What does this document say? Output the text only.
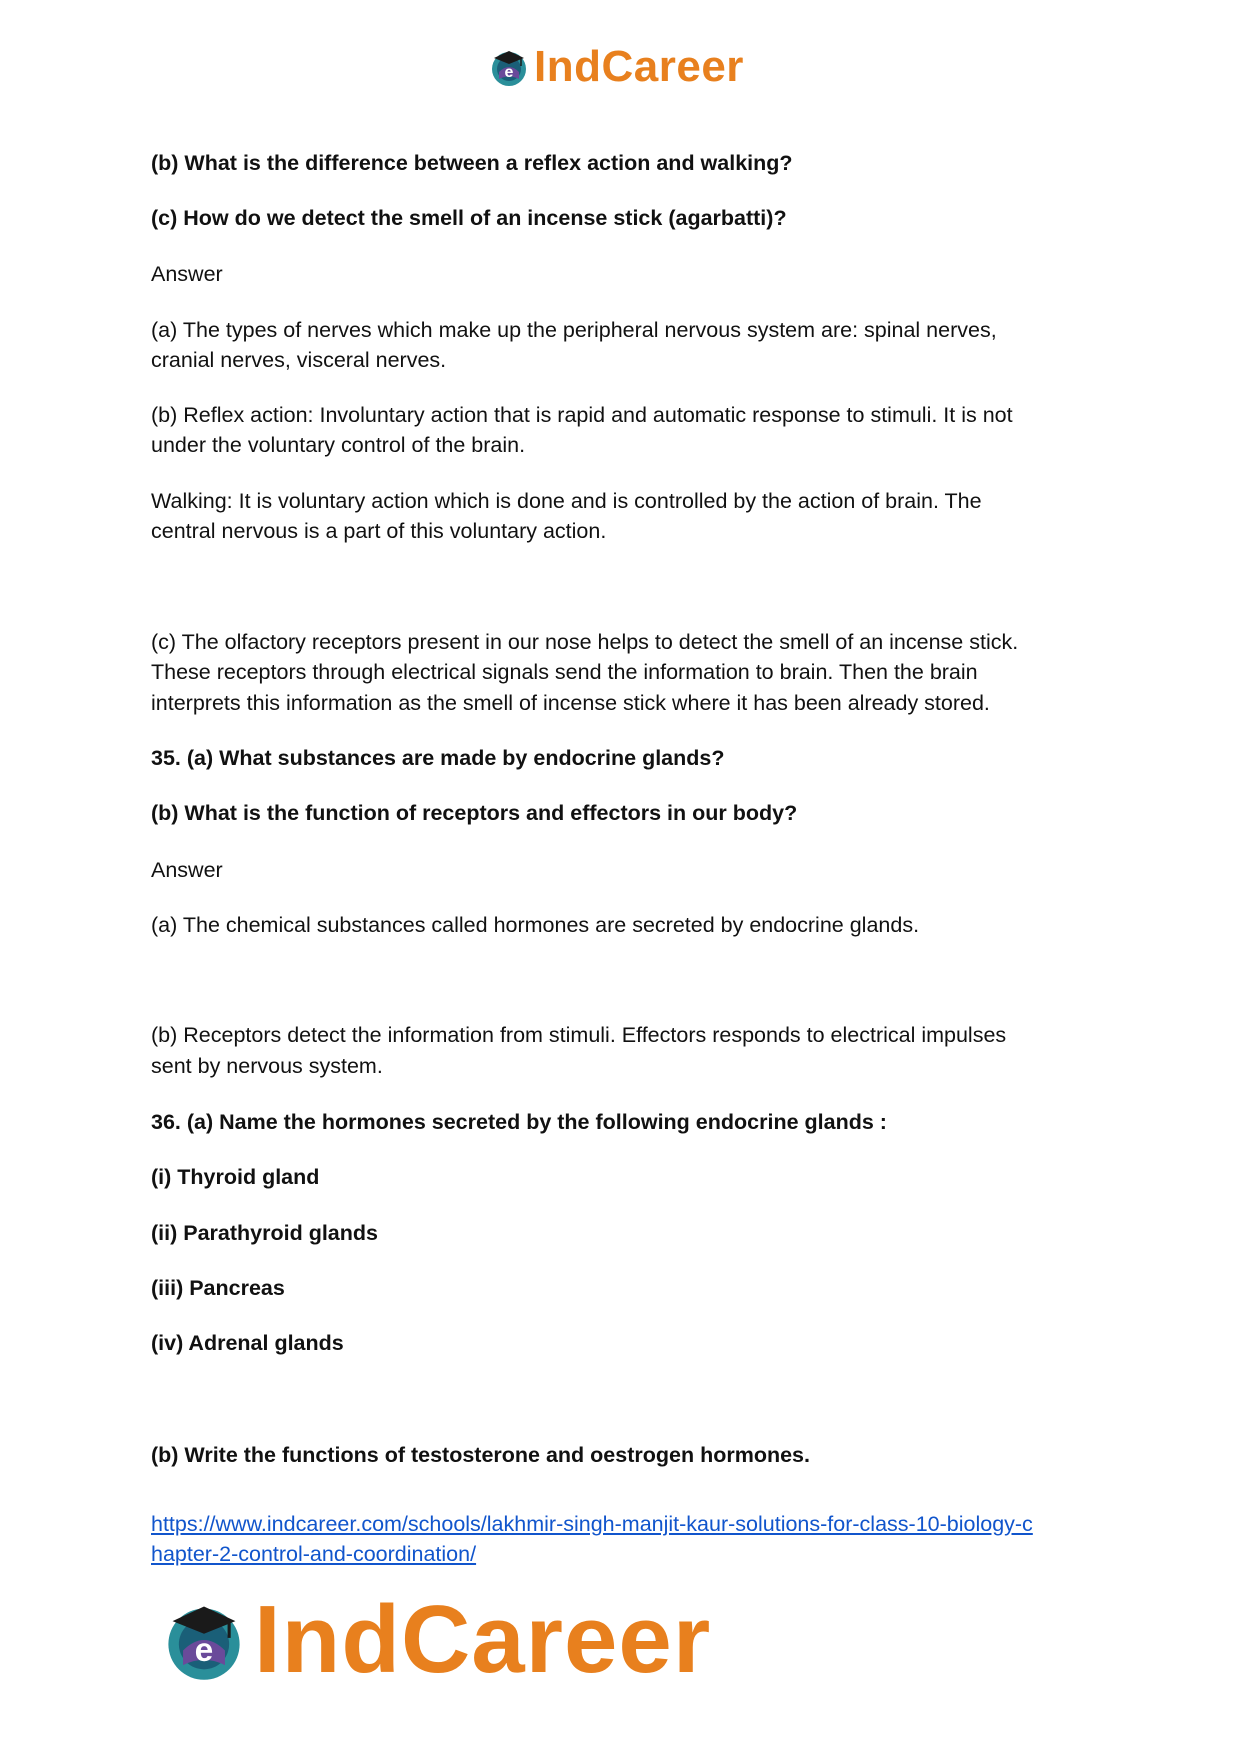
e IndCareer
(b) What is the difference between a reflex action and walking?
(c) How do we detect the smell of an incense stick (agarbatti)?
Answer
(a) The types of nerves which make up the peripheral nervous system are: spinal nerves,
cranial nerves, visceral nerves.
(b) Reflex action: Involuntary action that is rapid and automatic response to stimuli. It is not
under the voluntary control of the brain.
Walking: It is voluntary action which is done and is controlled by the action of brain. The
central nervous is a part of this voluntary action.
(c) The olfactory receptors present in our nose helps to detect the smell of an incense stick.
These receptors through electrical signals send the information to brain. Then the brain
interprets this information as the smell of incense stick where it has been already stored.
35. (a) What substances are made by endocrine glands?
(b) What is the function of receptors and effectors in our body?
Answer
(a) The chemical substances called hormones are secreted by endocrine glands.
(b) Receptors detect the information from stimuli. Effectors responds to electrical impulses
sent by nervous system.
36. (a) Name the hormones secreted by the following endocrine glands :
(i) Thyroid gland
(ii) Parathyroid glands
(iii) Pancreas
(iv) Adrenal glands
(b) Write the functions of testosterone and oestrogen hormones.
https://www.indcareer.com/schools/lakhmir-singh-manjit-kaur-solutions-for-class-10-biology-c
hapter-2-control-and-coordination/
e IndCareer
